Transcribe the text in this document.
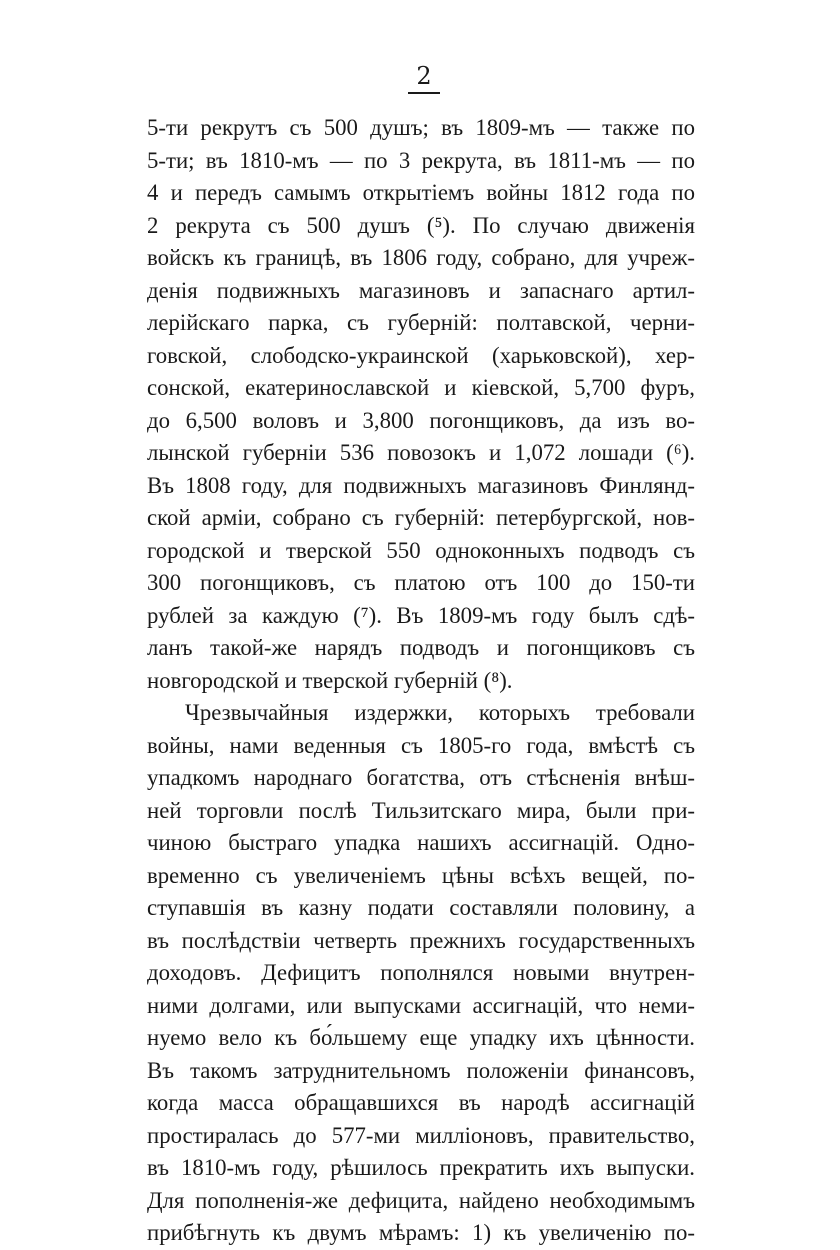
2
5-ти рекрутъ съ 500 душъ; въ 1809-мъ — также по
5-ти; въ 1810-мъ — по 3 рекрута, въ 1811-мъ — по
4 и передъ самымъ открытіемъ войны 1812 года по
2 рекрута съ 500 душъ (⁵). По случаю движенія
войскъ къ границѣ, въ 1806 году, собрано, для учреж-
денія подвижныхъ магазиновъ и запаснаго артил-
лерійскаго парка, съ губерній: полтавской, черни-
говской, слободско-украинской (харьковской), хер-
сонской, екатеринославской и кіевской, 5,700 фуръ,
до 6,500 воловъ и 3,800 погонщиковъ, да изъ во-
лынской губерніи 536 повозокъ и 1,072 лошади (⁶).
Въ 1808 году, для подвижныхъ магазиновъ Финлянд-
ской арміи, собрано съ губерній: петербургской, нов-
городской и тверской 550 одноконныхъ подводъ съ
300 погонщиковъ, съ платою отъ 100 до 150-ти
рублей за каждую (⁷). Въ 1809-мъ году былъ сдѣ-
ланъ такой-же нарядъ подводъ и погонщиковъ съ
новгородской и тверской губерній (⁸).
Чрезвычайныя издержки, которыхъ требовали
войны, нами веденныя съ 1805-го года, вмѣстѣ съ
упадкомъ народнаго богатства, отъ стѣсненія внѣш-
ней торговли послѣ Тильзитскаго мира, были при-
чиною быстраго упадка нашихъ ассигнацій. Одно-
временно съ увеличеніемъ цѣны всѣхъ вещей, по-
ступавшія въ казну подати составляли половину, а
въ послѣдствіи четверть прежнихъ государственныхъ
доходовъ. Дефицитъ пополнялся новыми внутрен-
ними долгами, или выпусками ассигнацій, что неми-
нуемо вело къ бо́льшему еще упадку ихъ цѣнности.
Въ такомъ затруднительномъ положеніи финансовъ,
когда масса обращавшихся въ народѣ ассигнацій
простиралась до 577-ми милліоновъ, правительство,
въ 1810-мъ году, рѣшилось прекратить ихъ выпуски.
Для пополненія-же дефицита, найдено необходимымъ
прибѣгнуть къ двумъ мѣрамъ: 1) къ увеличенію по-
